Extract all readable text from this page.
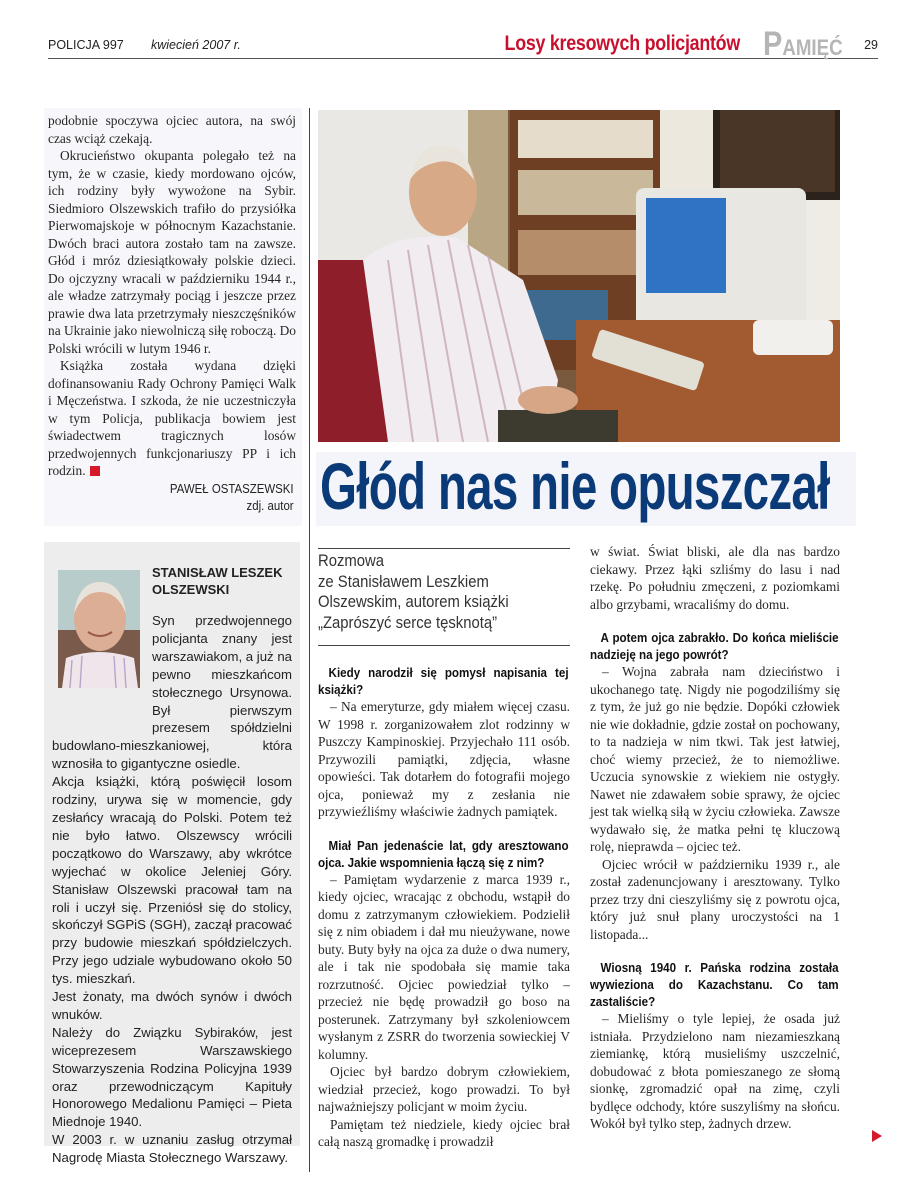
POLICJA 997 kwiecień 2007 r.	Losy kresowych policjantów PAMIĘĆ 29

podobnie spoczywa ojciec autora, na swój czas wciąż czekają.

Okrucieństwo okupanta polegało też na tym, że w czasie, kiedy mordowano ojców, ich rodziny były wywożone na Sybir. Siedmioro Olszewskich trafiło do przysiółka Pierwomajskoje w północnym Kazachstanie. Dwóch braci autora zostało tam na zawsze. Głód i mróz dziesiątkowały polskie dzieci. Do ojczyzny wracali w październiku 1944 r., ale władze zatrzymały pociąg i jeszcze przez prawie dwa lata przetrzymały nieszczęśników na Ukrainie jako niewolniczą siłę roboczą. Do Polski wrócili w lutym 1946 r.

Książka została wydana dzięki dofinansowaniu Rady Ochrony Pamięci Walk i Męczeństwa. I szkoda, że nie uczestniczyła w tym Policja, publikacja bowiem jest świadectwem tragicznych losów przedwojennych funkcjonariuszy PP i ich rodzin.

PAWEŁ OSTASZEWSKI
zdj. autor Głód nas nie opuszczał
STANISŁAW LESZEK
OLSZEWSKI

Syn przedwojennego policjanta znany jest warszawiakom, a już na pewno mieszkańcom stołecznego Ursynowa. Był pierwszym prezesem spółdzielni budowlano-mieszkaniowej, która wznosiła to gigantyczne osiedle.

Akcja książki, którą poświęcił losom rodziny, urywa się w momencie, gdy zesłańcy wracają do Polski. Potem też nie było łatwo. Olszewscy wrócili początkowo do Warszawy, aby wkrótce wyjechać w okolice Jeleniej Góry. Stanisław Olszewski pracował tam na roli i uczył się. Przeniósł się do stolicy, skończył SGPiS (SGH), zaczął pracować przy budowie mieszkań spółdzielczych. Przy jego udziale wybudowano około 50 tys. mieszkań.

Jest żonaty, ma dwóch synów i dwóch wnuków.

Należy do Związku Sybiraków, jest wiceprezesem Warszawskiego Stowarzyszenia Rodzina Policyjna 1939 oraz przewodniczącym Kapituły Honorowego Medalionu Pamięci – Pieta Miednoje 1940.

W 2003 r. w uznaniu zasług otrzymał Nagrodę Miasta Stołecznego Warszawy.

Rozmowa
ze Stanisławem Leszkiem
Olszewskim, autorem książki
„Zaprószyć serce tęsknotą”

Kiedy narodził się pomysł napisania tej książki?

– Na emeryturze, gdy miałem więcej czasu. W 1998 r. zorganizowałem zlot rodzinny w Puszczy Kampinoskiej. Przyjechało 111 osób. Przywozili pamiątki, zdjęcia, własne opowieści. Tak dotarłem do fotografii mojego ojca, ponieważ my z zesłania nie przywieźliśmy właściwie żadnych pamiątek.

Miał Pan jedenaście lat, gdy aresztowano ojca. Jakie wspomnienia łączą się z nim?

– Pamiętam wydarzenie z marca 1939 r., kiedy ojciec, wracając z obchodu, wstąpił do domu z zatrzymanym człowiekiem. Podzielił się z nim obiadem i dał mu nieużywane, nowe buty. Buty były na ojca za duże o dwa numery, ale i tak nie spodobała się mamie taka rozrzutność. Ojciec powiedział tylko – przecież nie będę prowadził go boso na posterunek. Zatrzymany był szkoleniowcem wysłanym z ZSRR do tworzenia sowieckiej V kolumny.

Ojciec był bardzo dobrym człowiekiem, wiedział przecież, kogo prowadzi. To był najważniejszy policjant w moim życiu.

Pamiętam też niedziele, kiedy ojciec brał całą naszą gromadkę i prowadził

w świat. Świat bliski, ale dla nas bardzo ciekawy. Przez łąki szliśmy do lasu i nad rzekę. Po południu zmęczeni, z poziomkami albo grzybami, wracaliśmy do domu.

A potem ojca zabrakło. Do końca mieliście nadzieję na jego powrót?

– Wojna zabrała nam dzieciństwo i ukochanego tatę. Nigdy nie pogodziliśmy się z tym, że już go nie będzie. Dopóki człowiek nie wie dokładnie, gdzie został on pochowany, to ta nadzieja w nim tkwi. Tak jest łatwiej, choć wiemy przecież, że to niemożliwe. Uczucia synowskie z wiekiem nie ostygły. Nawet nie zdawałem sobie sprawy, że ojciec jest tak wielką siłą w życiu człowieka. Zawsze wydawało się, że matka pełni tę kluczową rolę, nieprawda – ojciec też.

Ojciec wrócił w październiku 1939 r., ale został zadenuncjowany i aresztowany. Tylko przez trzy dni cieszyliśmy się z powrotu ojca, który już snuł plany uroczystości na 1 listopada...

Wiosną 1940 r. Pańska rodzina została wywieziona do Kazachstanu. Co tam zastaliście?

– Mieliśmy o tyle lepiej, że osada już istniała. Przydzielono nam niezamieszkaną ziemiankę, którą musieliśmy uszczelnić, dobudować z błota pomieszanego ze słomą sionkę, zgromadzić opał na zimę, czyli bydlęce odchody, które suszyliśmy na słońcu. Wokół był tylko step, żadnych drzew.
